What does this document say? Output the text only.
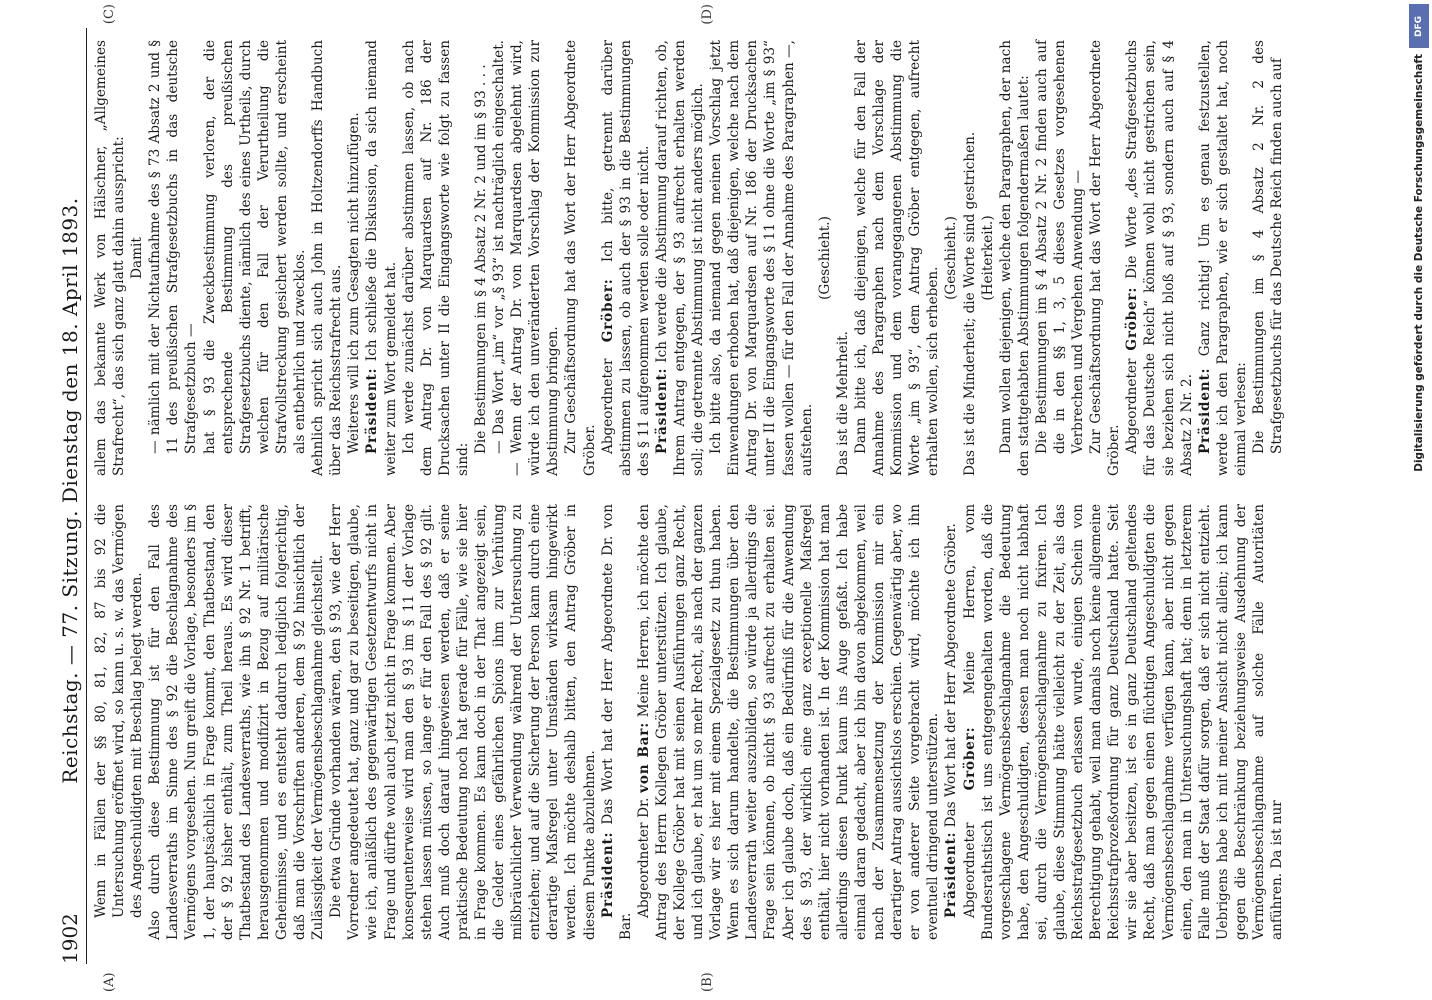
1902
Reichstag. — 77. Sitzung. Dienstag den 18. April 1893.
(A)	(B)
(C)	(D)

Wenn in Fällen der §§ 80, 81, 82, 87 bis 92 die Untersuchung eröffnet wird, so kann u. s. w. das Vermögen des Angeschuldigten mit Beschlag belegt werden. Also durch diese Bestimmung ist für den Fall des Landesverraths im Sinne des § 92 die Beschlagnahme des Vermögens vorgesehen. Nun greift die Vorlage, besonders im § 1, der hauptsächlich in Frage kommt, den Thatbestand, den der § 92 bisher enthält, zum Theil heraus. Es wird dieser Thatbestand des Landesverraths, wie ihn § 92 Nr. 1 betrifft, herausgenommen und modifizirt in Bezug auf militärische Geheimnisse, und es entsteht dadurch lediglich folgerichtig, daß man die Vorschriften anderen, dem § 92 hinsichtlich der Zulässigkeit der Vermögensbeschlagnahme gleichstellt. Die etwa Gründe vorhanden wären, den § 93, wie der Herr Vorredner angedeutet hat, ganz und gar zu beseitigen, glaube, wie ich, anläßlich des gegenwärtigen Gesetzentwurfs nicht in Frage und dürfte wohl auch jetzt nicht in Frage kommen. Aber konsequenterweise wird man den § 93 im § 11 der Vorlage stehen lassen müssen, so lange er für den Fall des § 92 gilt. Auch muß doch darauf hingewiesen werden, daß er seine praktische Bedeutung noch hat gerade für Fälle, wie sie hier in Frage kommen. Es kann doch in der That angezeigt sein, die Gelder eines gefährlichen Spions ihm zur Verhütung mißbräuchlicher Verwendung während der Untersuchung zu entziehen; und auf die Sicherung der Person kann durch eine derartige Maßregel unter Umständen wirksam hingewirkt werden. Ich möchte deshalb bitten, den Antrag Gröber in diesem Punkte abzulehnen. Präsident: Das Wort hat der Herr Abgeordnete Dr. von Bar.

Abgeordneter Dr. von Bar: Meine Herren, ich möchte den Antrag des Herrn Kollegen Gröber unterstützen. Ich glaube, der Kollege Gröber hat mit seinen Ausführungen ganz Recht, und ich glaube, er hat um so mehr Recht, als nach der ganzen Vorlage wir es hier mit einem Spezialgesetz zu thun haben. Wenn es sich darum handelte, die Bestimmungen über den Landesverrath weiter auszubilden, so würde ja allerdings die Frage sein können, ob nicht § 93 aufrecht zu erhalten sei. Aber ich glaube doch, daß ein Bedürfniß für die Anwendung des § 93, der wirklich eine ganz exceptionelle Maßregel enthält, hier nicht vorhanden ist. In der Kommission hat man allerdings diesen Punkt kaum ins Auge gefaßt. Ich habe einmal daran gedacht, aber ich bin davon abgekommen, weil nach der Zusammensetzung der Kommission mir ein derartiger Antrag aussichtslos erschien. Gegenwärtig aber, wo er von anderer Seite vorgebracht wird, möchte ich ihn eventuell dringend unterstützen. Präsident: Das Wort hat der Herr Abgeordnete Gröber.

Abgeordneter Gröber: Meine Herren, vom Bundesrathstisch ist uns entgegengehalten worden, daß die vorgeschlagene Vermögensbeschlagnahme die Bedeutung habe, den Angeschuldigten, dessen man noch nicht habhaft sei, durch die Vermögensbeschlagnahme zu fixiren. Ich glaube, diese Stimmung hätte vielleicht zu der Zeit, als das Reichsstrafgesetzbuch erlassen wurde, einigen Schein von Berechtigung gehabt, weil man damals noch keine allgemeine Reichsstrafprozeßordnung für ganz Deutschland hatte. Seit wir sie aber besitzen, ist es in ganz Deutschland geltendes Recht, daß man gegen einen flüchtigen Angeschuldigten die Vermögensbeschlagnahme verfügen kann, aber nicht gegen einen, den man in Untersuchungshaft hat; denn in letzterem Falle muß der Staat dafür sorgen, daß er sich nicht entzieht. Uebrigens habe ich mit meiner Ansicht nicht allein; ich kann gegen die Beschränkung beziehungsweise Ausdehnung der Vermögensbeschlagnahme auf solche Fälle Autoritäten anführen. Da ist nur

allem das bekannte Werk von Hälschner, „Allgemeines Strafrecht“, das sich ganz glatt dahin ausspricht: Damit — nämlich mit der Nichtaufnahme des § 73 Absatz 2 und § 11 des preußischen Strafgesetzbuchs in das deutsche Strafgesetzbuch — hat § 93 die Zweckbestimmung verloren, der die entsprechende Bestimmung des preußischen Strafgesetzbuchs diente, nämlich des eines Urtheils, durch welchen für den Fall der Verurtheilung die Strafvollstreckung gesichert werden sollte, und erscheint als entbehrlich und zwecklos. Aehnlich spricht sich auch John in Holtzendorffs Handbuch über das Reichsstrafrecht aus. Weiteres will ich zum Gesagten nicht hinzufügen. Präsident: Ich schließe die Diskussion, da sich niemand weiter zum Wort gemeldet hat. Ich werde zunächst darüber abstimmen lassen, ob nach dem Antrag Dr. von Marquardsen auf Nr. 186 der Drucksachen unter II die Eingangsworte wie folgt zu fassen sind:

Die Bestimmungen im § 4 Absatz 2 Nr. 2 und im § 93 . . . — Das Wort „im“ vor „§ 93“ ist nachträglich eingeschaltet. — Wenn der Antrag Dr. von Marquardsen abgelehnt wird, würde ich den unveränderten Vorschlag der Kommission zur Abstimmung bringen. Zur Geschäftsordnung hat das Wort der Herr Abgeordnete Gröber. Abgeordneter Gröber: Ich bitte, getrennt darüber abstimmen zu lassen, ob auch der § 93 in die Bestimmungen des § 11 aufgenommen werden solle oder nicht. Präsident: Ich werde die Abstimmung darauf richten, ob, Ihrem Antrag entgegen, der § 93 aufrecht erhalten werden soll; die getrennte Abstimmung ist nicht anders möglich. Ich bitte also, da niemand gegen meinen Vorschlag jetzt Einwendungen erhoben hat, daß diejenigen, welche nach dem Antrag Dr. von Marquardsen auf Nr. 186 der Drucksachen unter II die Eingangsworte des § 11 ohne die Worte „im § 93“ fassen wollen — für den Fall der Annahme des Paragraphen —, aufstehen.

(Geschieht.)

Das ist die Mehrheit. Dann bitte ich, daß diejenigen, welche für den Fall der Annahme des Paragraphen nach dem Vorschlage der Kommission und dem vorangegangenen Abstimmung die Worte „im § 93“, dem Antrag Gröber entgegen, aufrecht erhalten wollen, sich erheben.

(Geschieht.) Das ist die Minderheit; die Worte sind gestrichen. (Heiterkeit.) Dann wollen diejenigen, welche den Paragraphen, der nach den stattgehabten Abstimmungen folgendermaßen lautet: Die Bestimmungen im § 4 Absatz 2 Nr. 2 finden auch auf die in den §§ 1, 3, 5 dieses Gesetzes vorgesehenen Verbrechen und Vergehen Anwendung — Zur Geschäftsordnung hat das Wort der Herr Abgeordnete Gröber. Abgeordneter Gröber: Die Worte „des Strafgesetzbuchs für das Deutsche Reich“ können wohl nicht gestrichen sein, sie beziehen sich nicht bloß auf § 93, sondern auch auf § 4 Absatz 2 Nr. 2. Präsident: Ganz richtig! Um es genau festzustellen, werde ich den Paragraphen, wie er sich gestaltet hat, noch einmal verlesen: Die Bestimmungen im § 4 Absatz 2 Nr. 2 des Strafgesetzbuchs für das Deutsche Reich finden auch auf

DFG
Digitalisierung gefördert durch die Deutsche Forschungsgemeinschaft
